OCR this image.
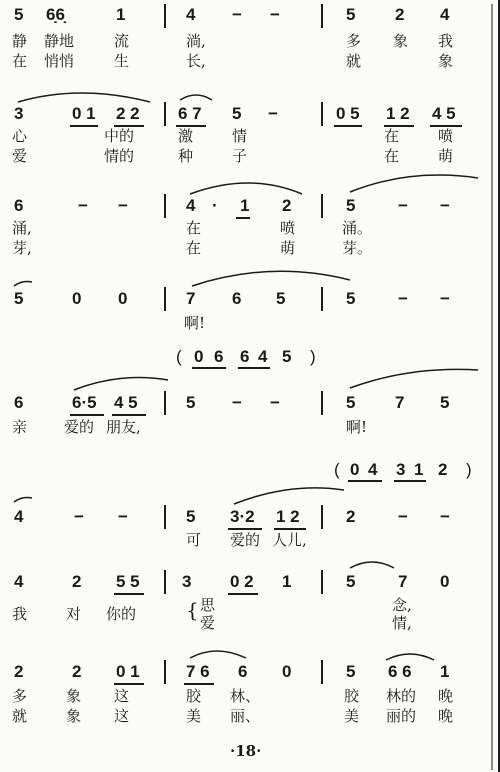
5 6̣6̣	1	4 − −	5 2 4
静 静地	流	淌,	多 象 我
在 悄悄	生	长,	就	象
3	0 1 2 2 6 7 5 −	0 5 1 2 4 5
心	中的	激	情	在	喷
爱	情的	种	子	在	萌
6	− −	4 · 1 2	5	− −
涌,	在	喷	涌。
芽,	在	萌	芽。
5	0 0	7 6 5	5	− −
啊!
( 0 6 6 4 5 )
6	6·5 4 5	5 − −	5 7 5
亲 爱的 朋友,	啊!
( 0 4 3 1 2 )
4	− −	5 3·2 1 2	2	− −
可 爱的 人儿,
4	2 5 5 3 0 2 1	5	7 0
我	对 你的 { 思
爱
念,
情,
2	2 0 1	7 6 6 0	5 6 6 1
多	象 这	胶 林、	胶 林的 晚
就	象 这	美 丽、	美 丽的 晚
·18·
